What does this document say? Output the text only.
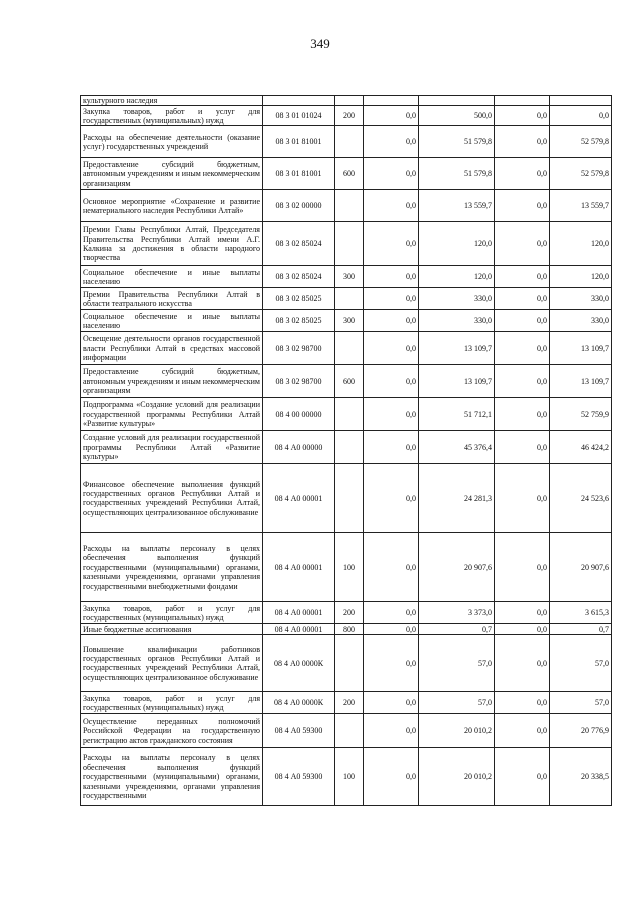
349
культурного наследия						
Закупка товаров, работ и услуг для государственных (муниципальных) нужд	08 3 01 01024	200	0,0	500,0	0,0	0,0
Расходы на обеспечение деятельности (оказание услуг) государственных учреждений	08 3 01 81001		0,0	51 579,8	0,0	52 579,8
Предоставление субсидий бюджетным, автономным учреждениям и иным некоммерческим организациям	08 3 01 81001	600	0,0	51 579,8	0,0	52 579,8
Основное мероприятие «Сохранение и развитие нематериального наследия Республики Алтай»	08 3 02 00000		0,0	13 559,7	0,0	13 559,7
Премии Главы Республики Алтай, Председателя Правительства Республики Алтай имени А.Г. Калкина за достижения в области народного творчества	08 3 02 85024		0,0	120,0	0,0	120,0
Социальное обеспечение и иные выплаты населению	08 3 02 85024	300	0,0	120,0	0,0	120,0
Премии Правительства Республики Алтай в области театрального искусства	08 3 02 85025		0,0	330,0	0,0	330,0
Социальное обеспечение и иные выплаты населению	08 3 02 85025	300	0,0	330,0	0,0	330,0
Освещение деятельности органов государственной власти Республики Алтай в средствах массовой информации	08 3 02 98700		0,0	13 109,7	0,0	13 109,7
Предоставление субсидий бюджетным, автономным учреждениям и иным некоммерческим организациям	08 3 02 98700	600	0,0	13 109,7	0,0	13 109,7
Подпрограмма «Создание условий для реализации государственной программы Республики Алтай «Развитие культуры»	08 4 00 00000		0,0	51 712,1	0,0	52 759,9
Создание условий для реализации государственной программы Республики Алтай «Развитие культуры»	08 4 А0 00000		0,0	45 376,4	0,0	46 424,2
Финансовое обеспечение выполнения функций государственных органов Республики Алтай и государственных учреждений Республики Алтай, осуществляющих централизованное обслуживание	08 4 А0 00001		0,0	24 281,3	0,0	24 523,6
Расходы на выплаты персоналу в целях обеспечения выполнения функций государственными (муниципальными) органами, казенными учреждениями, органами управления государственными внебюджетными фондами	08 4 А0 00001	100	0,0	20 907,6	0,0	20 907,6
Закупка товаров, работ и услуг для государственных (муниципальных) нужд	08 4 А0 00001	200	0,0	3 373,0	0,0	3 615,3
Иные бюджетные ассигнования	08 4 А0 00001	800	0,0	0,7	0,0	0,7
Повышение квалификации работников государственных органов Республики Алтай и государственных учреждений Республики Алтай, осуществляющих централизованное обслуживание	08 4 А0 0000К		0,0	57,0	0,0	57,0
Закупка товаров, работ и услуг для государственных (муниципальных) нужд	08 4 А0 0000К	200	0,0	57,0	0,0	57,0
Осуществление переданных полномочий Российской Федерации на государственную регистрацию актов гражданского состояния	08 4 А0 59300		0,0	20 010,2	0,0	20 776,9
Расходы на выплаты персоналу в целях обеспечения выполнения функций государственными (муниципальными) органами, казенными учреждениями, органами управления государственными	08 4 А0 59300	100	0,0	20 010,2	0,0	20 338,5
